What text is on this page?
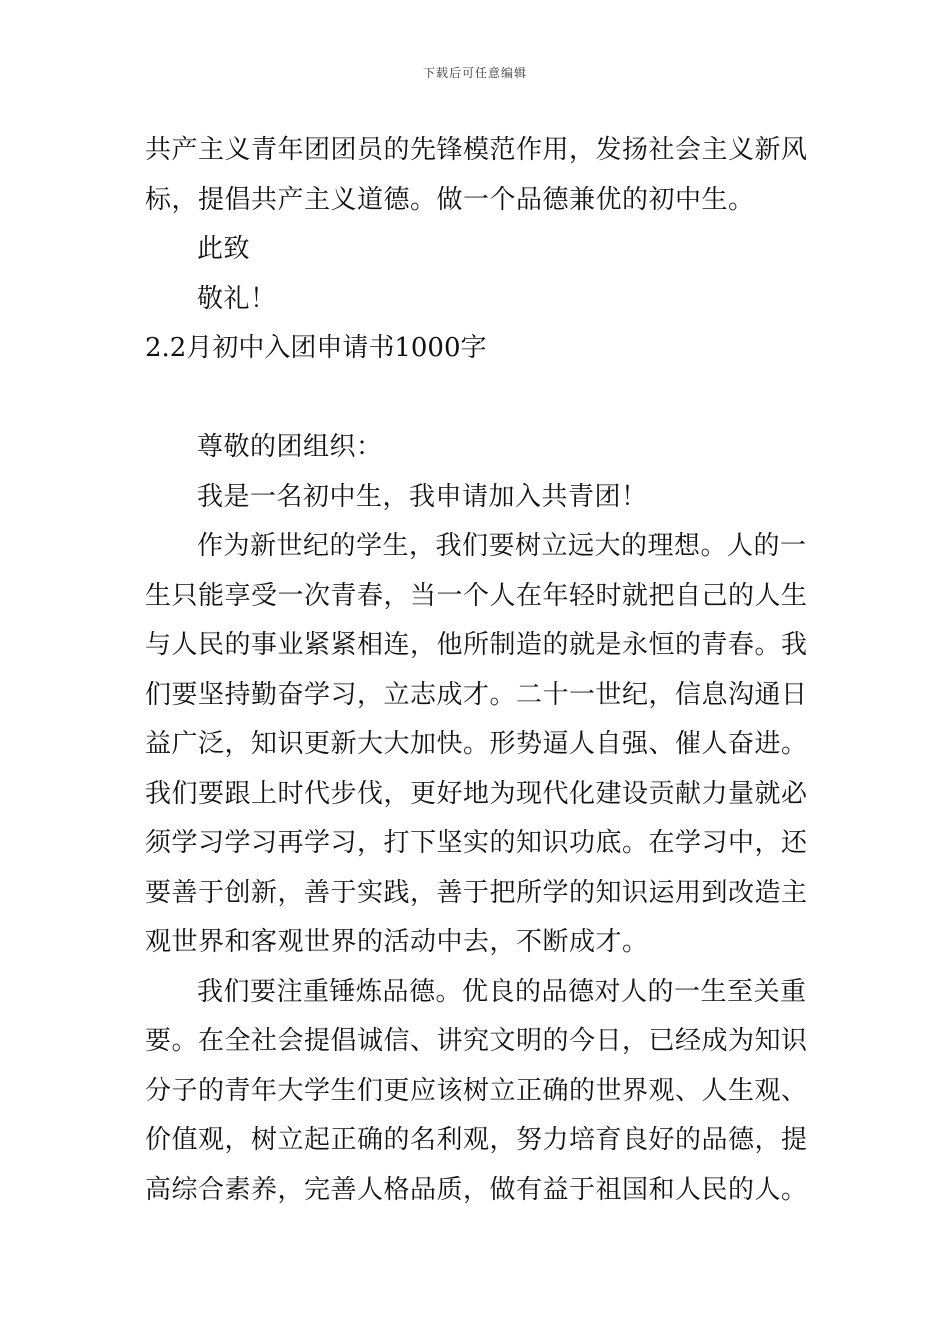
下载后可任意编辑
共产主义青年团团员的先锋模范作用，发扬社会主义新风
标，提倡共产主义道德。做一个品德兼优的初中生。
此致
敬礼！
2.2月初中入团申请书1000字
尊敬的团组织：
我是一名初中生，我申请加入共青团！
作为新世纪的学生，我们要树立远大的理想。人的一
生只能享受一次青春，当一个人在年轻时就把自己的人生
与人民的事业紧紧相连，他所制造的就是永恒的青春。我
们要坚持勤奋学习，立志成才。二十一世纪，信息沟通日
益广泛，知识更新大大加快。形势逼人自强、催人奋进。
我们要跟上时代步伐，更好地为现代化建设贡献力量就必
须学习学习再学习，打下坚实的知识功底。在学习中，还
要善于创新，善于实践，善于把所学的知识运用到改造主
观世界和客观世界的活动中去，不断成才。
我们要注重锤炼品德。优良的品德对人的一生至关重
要。在全社会提倡诚信、讲究文明的今日，已经成为知识
分子的青年大学生们更应该树立正确的世界观、人生观、
价值观，树立起正确的名利观，努力培育良好的品德，提
高综合素养，完善人格品质，做有益于祖国和人民的人。
